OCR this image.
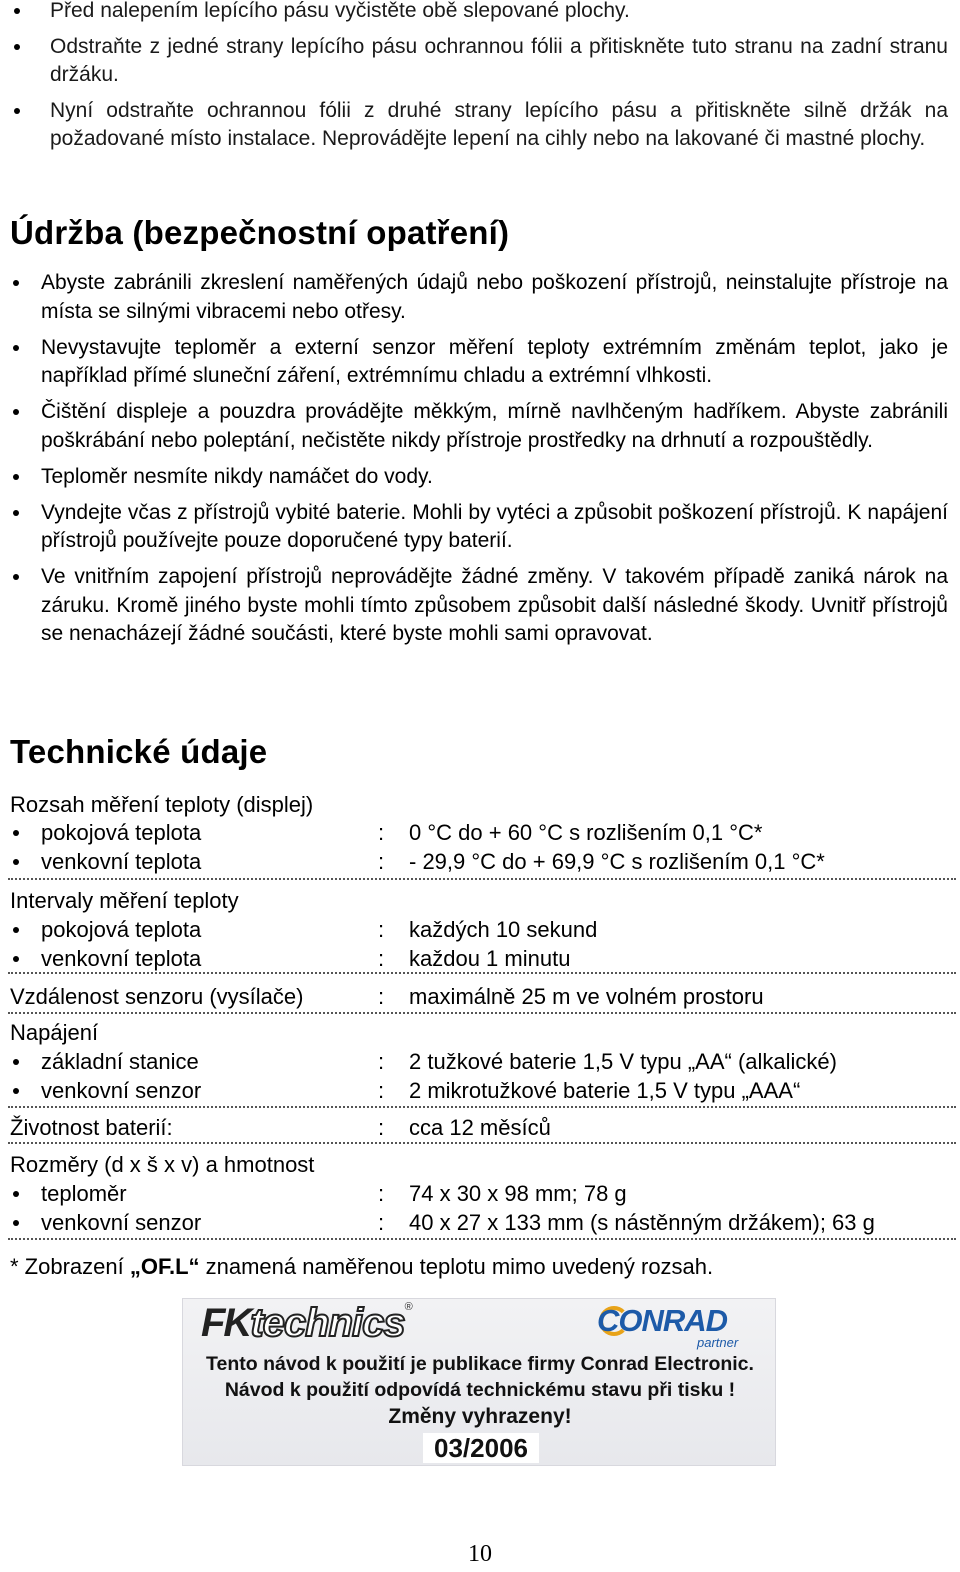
Před nalepením lepícího pásu vyčistěte obě slepované plochy.
Odstraňte z jedné strany lepícího pásu ochrannou fólii a přitiskněte tuto stranu na zadní stranu držáku.
Nyní odstraňte ochrannou fólii z druhé strany lepícího pásu a přitiskněte silně držák na požadované místo instalace. Neprovádějte lepení na cihly nebo na lakované či mastné plochy.
Údržba (bezpečnostní opatření)
Abyste zabránili zkreslení naměřených údajů nebo poškození přístrojů, neinstalujte přístroje na místa se silnými vibracemi nebo otřesy.
Nevystavujte teploměr a externí senzor měření teploty extrémním změnám teplot, jako je například přímé sluneční záření, extrémnímu chladu a extrémní vlhkosti.
Čištění displeje a pouzdra provádějte měkkým, mírně navlhčeným hadříkem. Abyste zabránili poškrábání nebo poleptání, nečistěte nikdy přístroje prostředky na drhnutí a rozpouštědly.
Teploměr nesmíte nikdy namáčet do vody.
Vyndejte včas z přístrojů vybité baterie. Mohli by vytéci a způsobit poškození přístrojů. K napájení přístrojů používejte pouze doporučené typy baterií.
Ve vnitřním zapojení přístrojů neprovádějte žádné změny. V takovém případě zaniká nárok na záruku. Kromě jiného byste mohli tímto způsobem způsobit další následné škody. Uvnitř přístrojů se nenacházejí žádné součásti, které byste mohli sami opravovat.
Technické údaje
Rozsah měření teploty (displej)
pokojová teplota	: 0 °C do + 60 °C s rozlišením 0,1 °C*
venkovní teplota	: - 29,9 °C do + 69,9 °C s rozlišením 0,1 °C*
Intervaly měření teploty
pokojová teplota	: každých 10 sekund
venkovní teplota	: každou 1 minutu
Vzdálenost senzoru (vysílače)	: maximálně 25 m ve volném prostoru
Napájení
základní stanice	: 2 tužkové baterie 1,5 V typu „AA“ (alkalické)
venkovní senzor	: 2 mikrotužkové baterie 1,5 V typu „AAA“
Životnost baterií:	: cca 12 měsíců
Rozměry (d x š x v) a hmotnost
teploměr	: 74 x 30 x 98 mm; 78 g
venkovní senzor	: 40 x 27 x 133 mm (s nástěnným držákem); 63 g
* Zobrazení „OF.L“ znamená naměřenou teplotu mimo uvedený rozsah.
FKtechnics®	CONRAD
partner
Tento návod k použití je publikace firmy Conrad Electronic.
Návod k použití odpovídá technickému stavu při tisku !
Změny vyhrazeny!
03/2006
10
